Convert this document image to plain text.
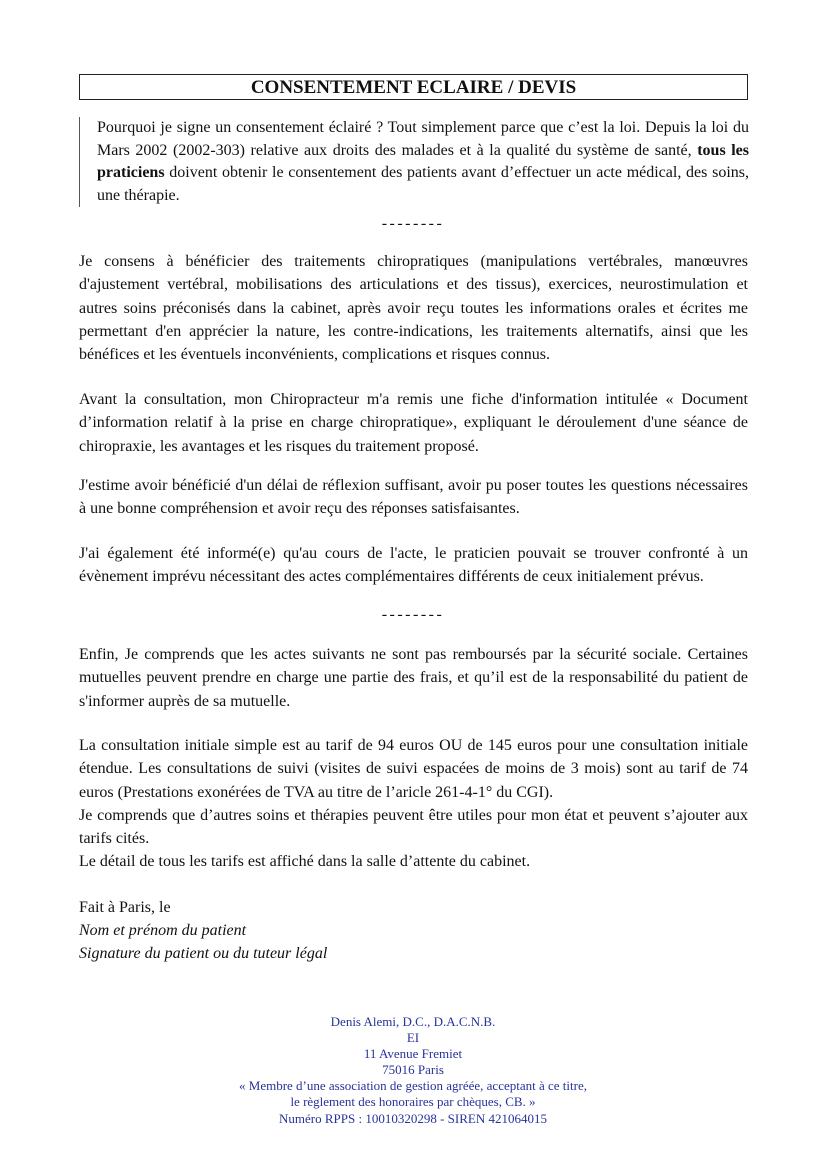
CONSENTEMENT ECLAIRE / DEVIS
Pourquoi je signe un consentement éclairé ? Tout simplement parce que c’est la loi. Depuis la loi du Mars 2002 (2002-303) relative aux droits des malades et à la qualité du système de santé, tous les praticiens doivent obtenir le consentement des patients avant d’effectuer un acte médical, des soins, une thérapie.
--------

Je consens à bénéficier des traitements chiropratiques (manipulations vertébrales, manœuvres d'ajustement vertébral, mobilisations des articulations et des tissus), exercices, neurostimulation et autres soins préconisés dans la cabinet, après avoir reçu toutes les informations orales et écrites me permettant d'en apprécier la nature, les contre-indications, les traitements alternatifs, ainsi que les bénéfices et les éventuels inconvénients, complications et risques connus.

Avant la consultation, mon Chiropracteur m'a remis une fiche d'information intitulée « Document d’information relatif à la prise en charge chiropratique», expliquant le déroulement d'une séance de chiropraxie, les avantages et les risques du traitement proposé.

J'estime avoir bénéficié d'un délai de réflexion suffisant, avoir pu poser toutes les questions nécessaires à une bonne compréhension et avoir reçu des réponses satisfaisantes.

J'ai également été informé(e) qu'au cours de l'acte, le praticien pouvait se trouver confronté à un évènement imprévu nécessitant des actes complémentaires différents de ceux initialement prévus.

--------

Enfin, Je comprends que les actes suivants ne sont pas remboursés par la sécurité sociale. Certaines mutuelles peuvent prendre en charge une partie des frais, et qu’il est de la responsabilité du patient de s'informer auprès de sa mutuelle.

La consultation initiale simple est au tarif de 94 euros OU de 145 euros pour une consultation initiale étendue. Les consultations de suivi (visites de suivi espacées de moins de 3 mois) sont au tarif de 74 euros (Prestations exonérées de TVA au titre de l’aricle 261-4-1° du CGI).

Je comprends que d’autres soins et thérapies peuvent être utiles pour mon état et peuvent s’ajouter aux tarifs cités.

Le détail de tous les tarifs est affiché dans la salle d’attente du cabinet.

Fait à Paris, le

Nom et prénom du patient

Signature du patient ou du tuteur légal

Denis Alemi, D.C., D.A.C.N.B.
EI
11 Avenue Fremiet
75016 Paris
« Membre d’une association de gestion agréée, acceptant à ce titre,
le règlement des honoraires par chèques, CB. »
Numéro RPPS : 10010320298 - SIREN 421064015
